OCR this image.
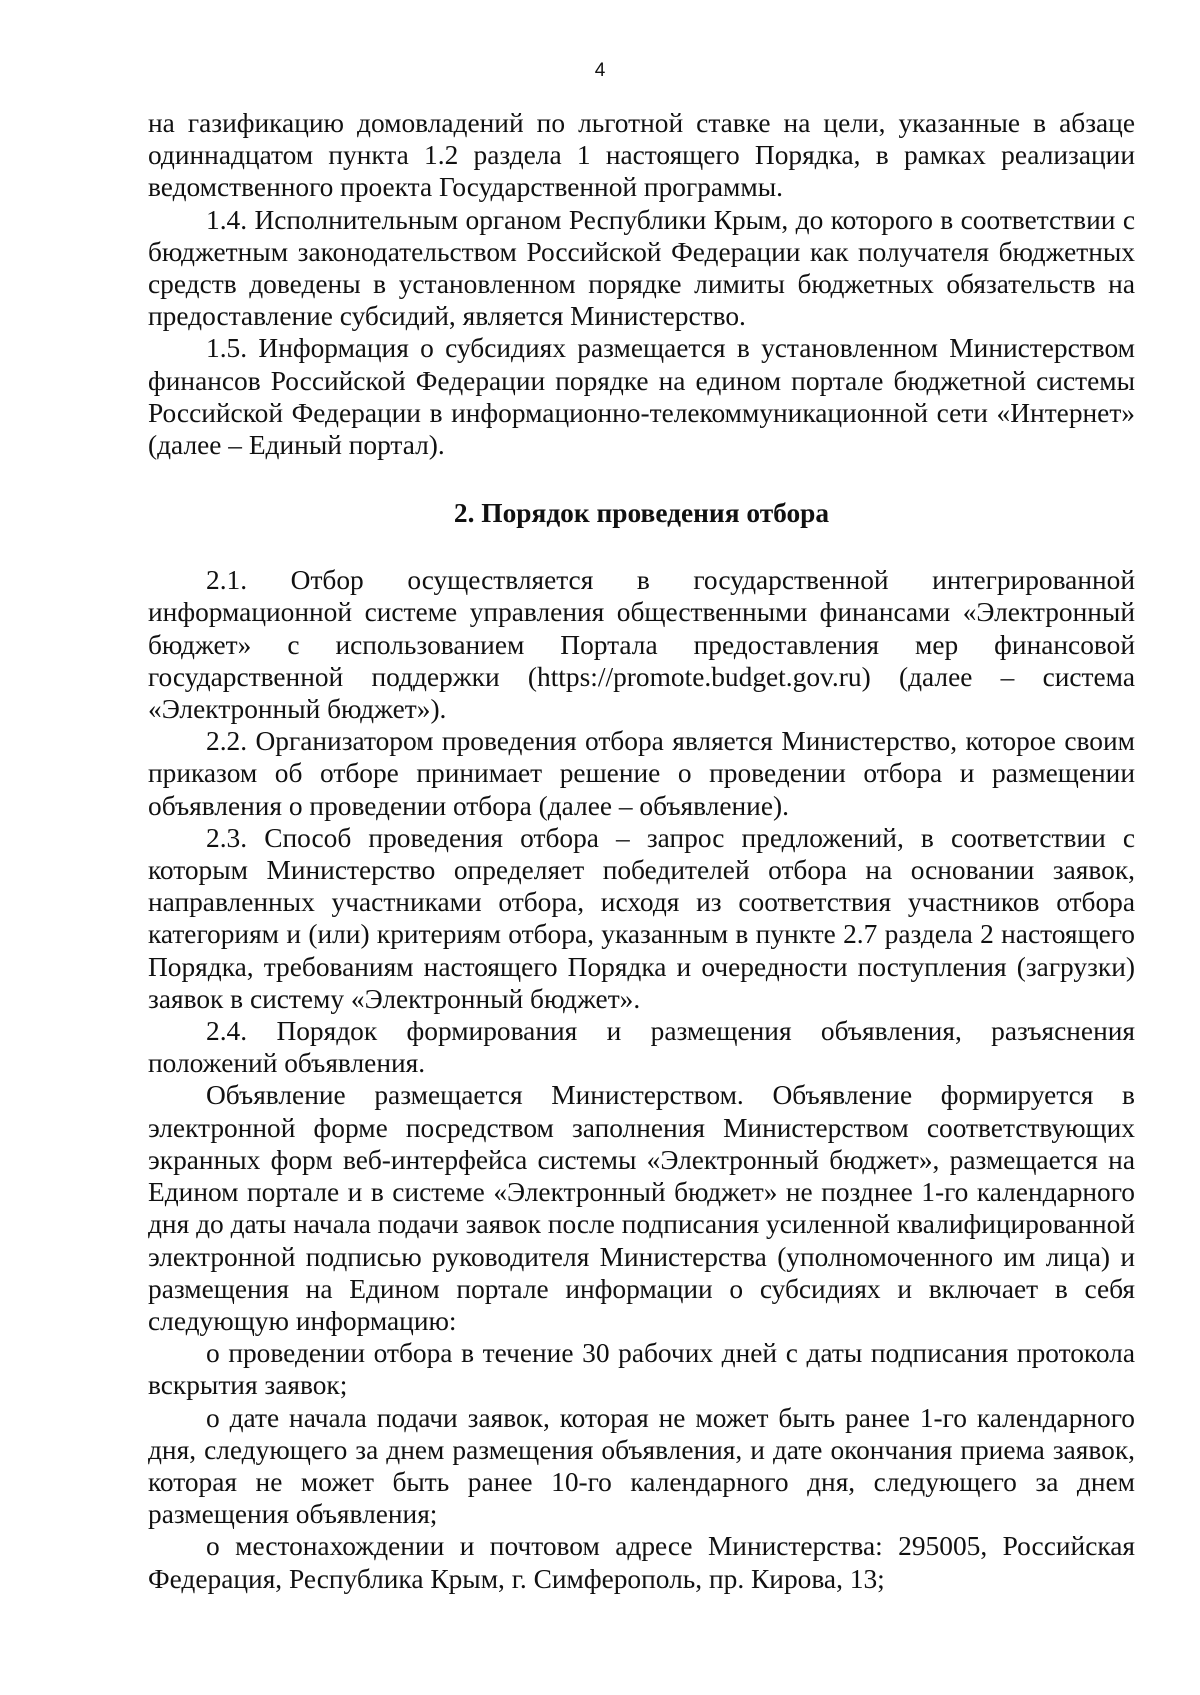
4

на газификацию домовладений по льготной ставке на цели, указанные в абзаце одиннадцатом пункта 1.2 раздела 1 настоящего Порядка, в рамках реализации ведомственного проекта Государственной программы.

1.4. Исполнительным органом Республики Крым, до которого в соответствии с бюджетным законодательством Российской Федерации как получателя бюджетных средств доведены в установленном порядке лимиты бюджетных обязательств на предоставление субсидий, является Министерство.

1.5. Информация о субсидиях размещается в установленном Министерством финансов Российской Федерации порядке на едином портале бюджетной системы Российской Федерации в информационно-телекоммуникационной сети «Интернет» (далее – Единый портал).

2. Порядок проведения отбора

2.1. Отбор осуществляется в государственной интегрированной информационной системе управления общественными финансами «Электронный бюджет» с использованием Портала предоставления мер финансовой государственной поддержки (https://promote.budget.gov.ru) (далее – система «Электронный бюджет»).

2.2. Организатором проведения отбора является Министерство, которое своим приказом об отборе принимает решение о проведении отбора и размещении объявления о проведении отбора (далее – объявление).

2.3. Способ проведения отбора – запрос предложений, в соответствии с которым Министерство определяет победителей отбора на основании заявок, направленных участниками отбора, исходя из соответствия участников отбора категориям и (или) критериям отбора, указанным в пункте 2.7 раздела 2 настоящего Порядка, требованиям настоящего Порядка и очередности поступления (загрузки) заявок в систему «Электронный бюджет».

2.4. Порядок формирования и размещения объявления, разъяснения положений объявления.

Объявление размещается Министерством. Объявление формируется в электронной форме посредством заполнения Министерством соответствующих экранных форм веб-интерфейса системы «Электронный бюджет», размещается на Едином портале и в системе «Электронный бюджет» не позднее 1-го календарного дня до даты начала подачи заявок после подписания усиленной квалифицированной электронной подписью руководителя Министерства (уполномоченного им лица) и размещения на Едином портале информации о субсидиях и включает в себя следующую информацию:

о проведении отбора в течение 30 рабочих дней с даты подписания протокола вскрытия заявок;

о дате начала подачи заявок, которая не может быть ранее 1-го календарного дня, следующего за днем размещения объявления, и дате окончания приема заявок, которая не может быть ранее 10-го календарного дня, следующего за днем размещения объявления;

о местонахождении и почтовом адресе Министерства: 295005, Российская Федерация, Республика Крым, г. Симферополь, пр. Кирова, 13;
